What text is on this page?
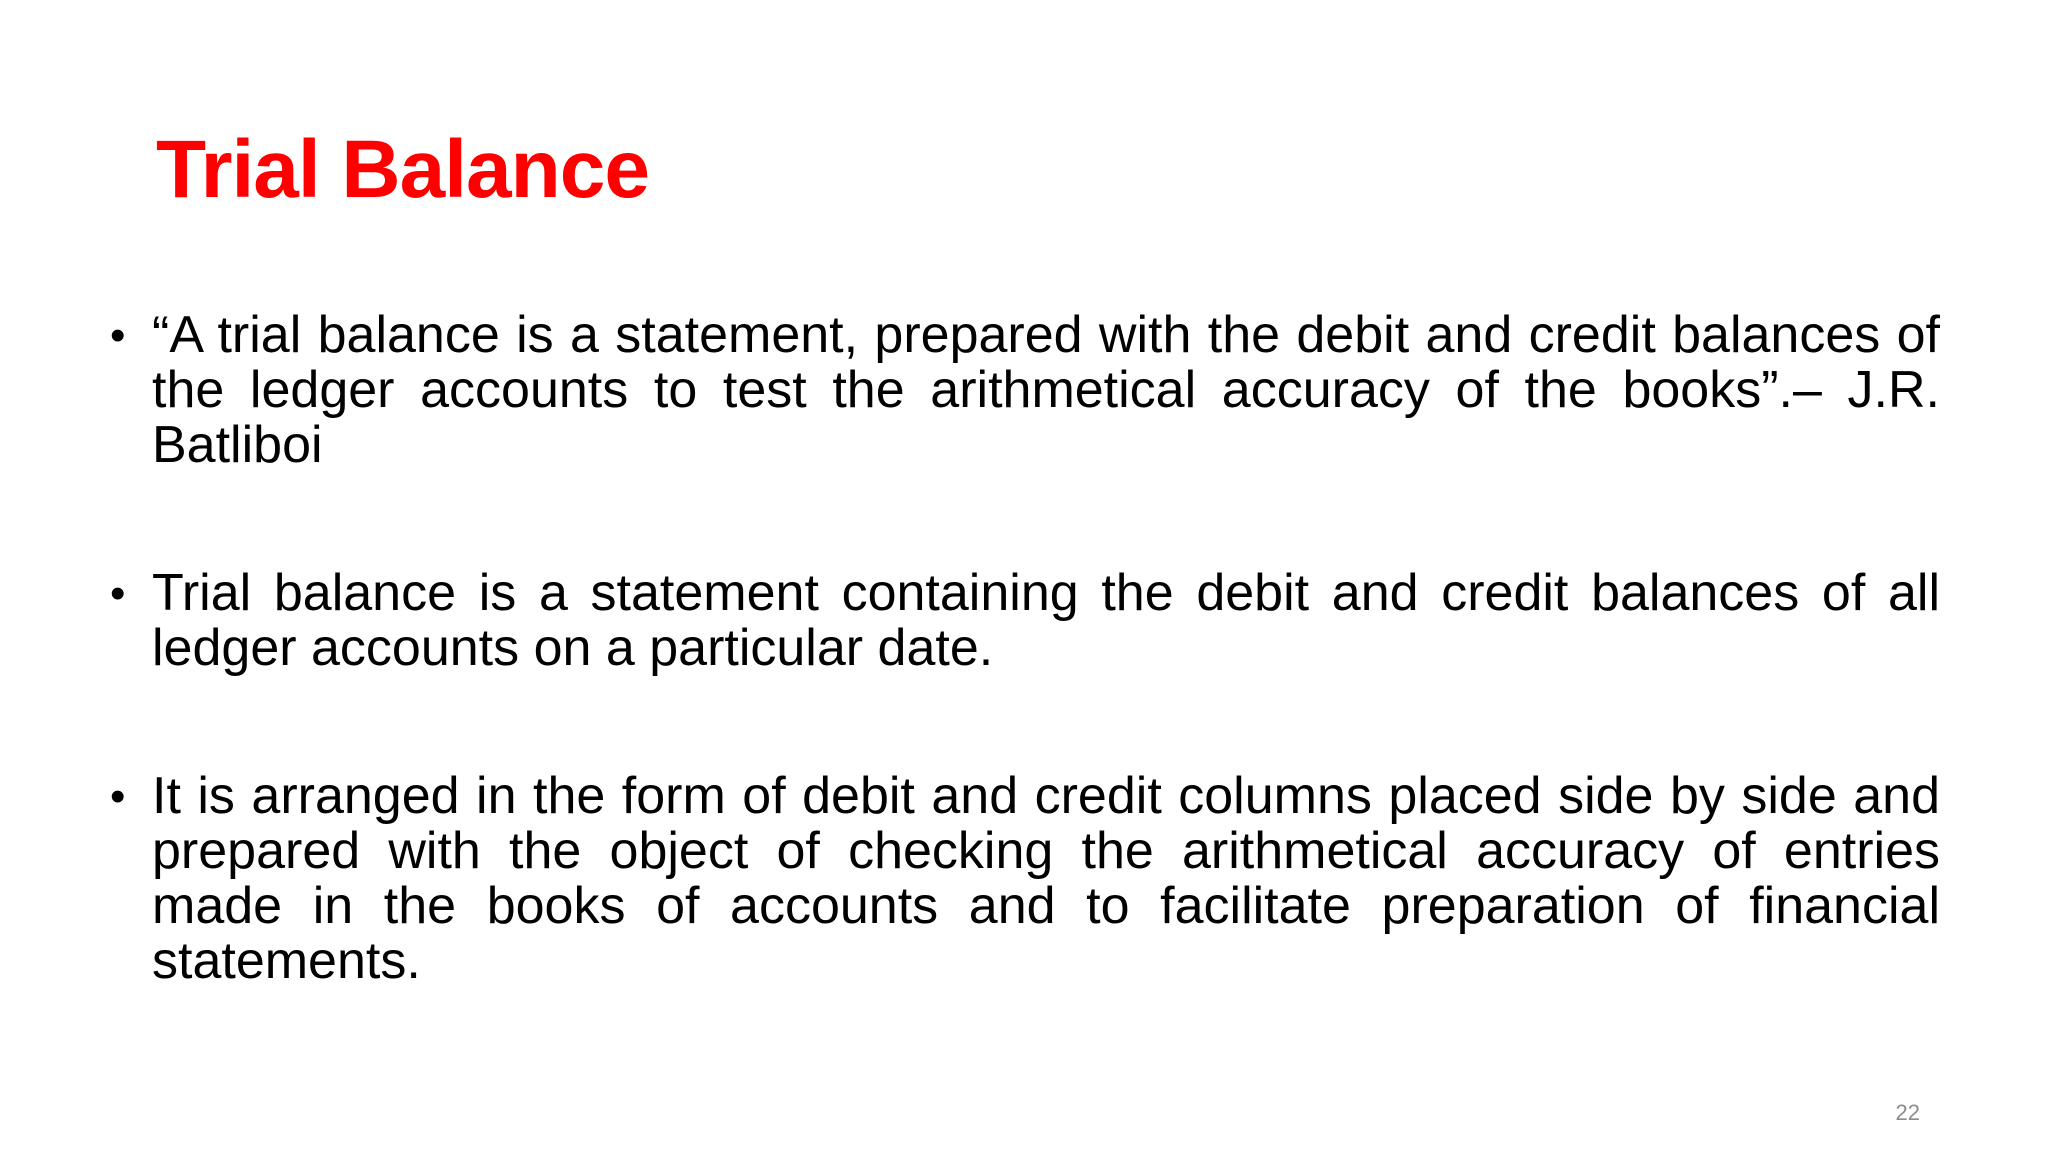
Trial Balance
• “A trial balance is a statement, prepared with the debit and credit balances of the ledger accounts to test the arithmetical accuracy of the books”.– J.R. Batliboi
• Trial balance is a statement containing the debit and credit balances of all ledger accounts on a particular date.
• It is arranged in the form of debit and credit columns placed side by side and prepared with the object of checking the arithmetical accuracy of entries made in the books of accounts and to facilitate preparation of financial statements.
22
